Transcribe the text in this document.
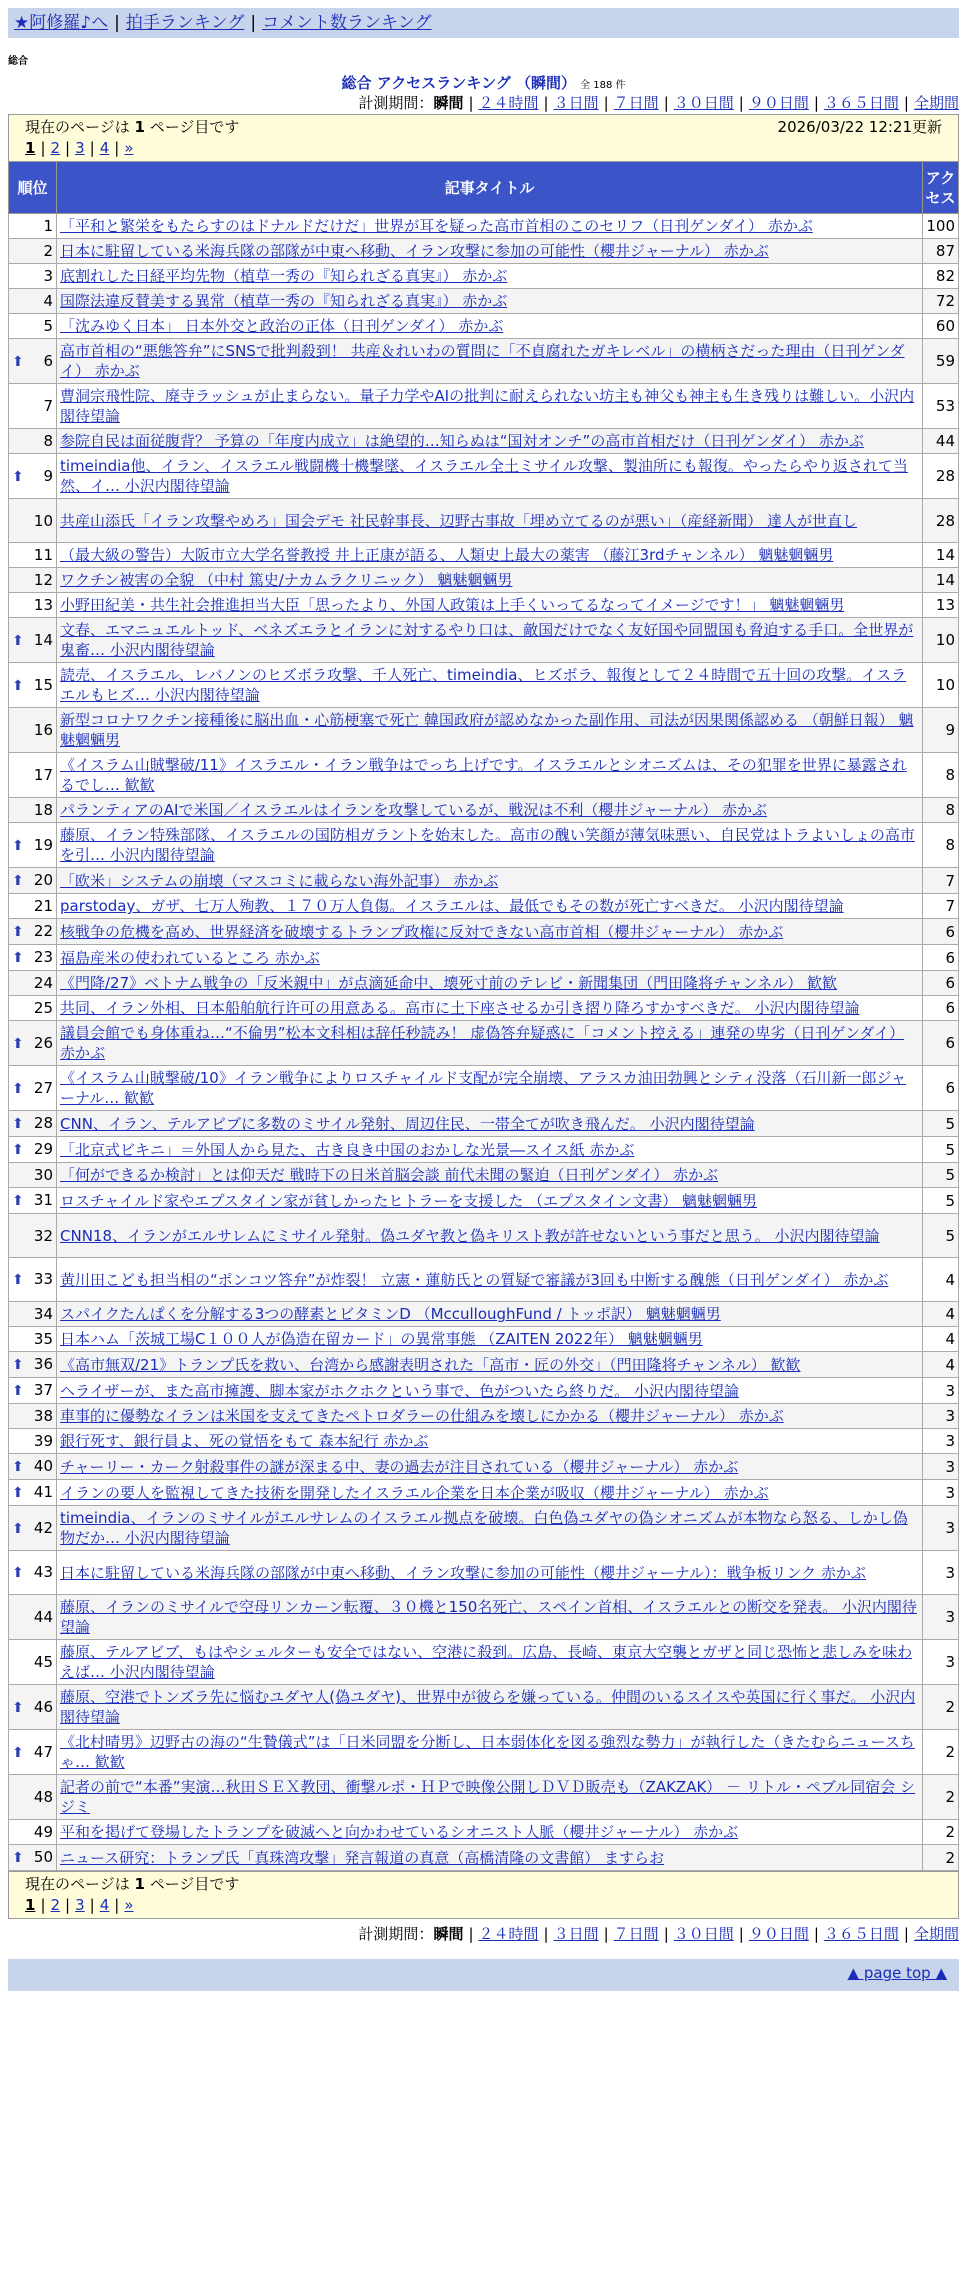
★阿修羅♪へ | 拍手ランキング | コメント数ランキング
総合
総合 アクセスランキング （瞬間） 全 188 件
計測期間：瞬間 | ２４時間 | ３日間 | ７日間 | ３０日間 | ９０日間 | ３６５日間 | 全期間
現在のページは 1 ページ目です	2026/03/22 12:21更新
1 | 2 | 3 | 4 | »
順位	記事タイトル	アクセス
1	「平和と繁栄をもたらすのはドナルドだけだ」世界が耳を疑った高市首相のこのセリフ（日刊ゲンダイ） 赤かぶ	100
2	日本に駐留している米海兵隊の部隊が中東へ移動、イラン攻撃に参加の可能性（櫻井ジャーナル） 赤かぶ	87
3	底割れした日経平均先物（植草一秀の『知られざる真実』） 赤かぶ	82
4	国際法違反賛美する異常（植草一秀の『知られざる真実』） 赤かぶ	72
5	「沈みゆく日本」 日本外交と政治の正体（日刊ゲンダイ） 赤かぶ	60

⬆ 6	高市首相の“悪態答弁”にSNSで批判殺到！ 共産＆れいわの質問に「不貞腐れたガキレベル」の横柄さだった理由（日刊ゲンダイ） 赤かぶ	59
7	曹洞宗飛性院、廃寺ラッシュが止まらない。量子力学やAIの批判に耐えられない坊主も神父も神主も生き残りは難しい。小沢内閣待望論	53
8	参院自民は面従腹背？ 予算の「年度内成立」は絶望的…知らぬは“国対オンチ”の高市首相だけ（日刊ゲンダイ） 赤かぶ	44

⬆ 9	timeindia他、イラン、イスラエル戦闘機十機撃墜、イスラエル全土ミサイル攻撃、製油所にも報復。やったらやり返されて当然、イ… 小沢内閣待望論	28
10	共産山添氏「イラン攻撃やめろ」国会デモ 社民幹事長、辺野古事故「埋め立てるのが悪い」（産経新聞） 達人が世直し	28
11	（最大級の警告）大阪市立大学名誉教授 井上正康が語る、人類史上最大の薬害 （藤江3rdチャンネル） 魑魅魍魎男	14
12	ワクチン被害の全貌 （中村 篤史/ナカムラクリニック） 魑魅魍魎男	14
13	小野田紀美・共生社会推進担当大臣「思ったより、外国人政策は上手くいってるなってイメージです！」 魑魅魍魎男	13

⬆ 14	文春、エマニュエルトッド、ベネズエラとイランに対するやり口は、敵国だけでなく友好国や同盟国も脅迫する手口。全世界が鬼畜… 小沢内閣待望論	10

⬆ 15	読売、イスラエル、レバノンのヒズボラ攻撃、千人死亡、timeindia、ヒズボラ、報復として２４時間で五十回の攻撃。イスラエルもヒズ… 小沢内閣待望論	10
16	新型コロナワクチン接種後に脳出血・心筋梗塞で死亡 韓国政府が認めなかった副作用、司法が因果関係認める （朝鮮日報） 魑魅魍魎男	9
17	《イスラム山賊撃破/11》イスラエル・イラン戦争はでっち上げです。イスラエルとシオニズムは、その犯罪を世界に暴露されるでし… 歓歓	8
18	パランティアのAIで米国／イスラエルはイランを攻撃しているが、戦況は不利（櫻井ジャーナル） 赤かぶ	8

⬆ 19	藤原、イラン特殊部隊、イスラエルの国防相ガラントを始末した。高市の醜い笑顔が薄気味悪い、自民党はトラよいしょの高市を引… 小沢内閣待望論	8

⬆ 20	「欧米」システムの崩壊（マスコミに載らない海外記事） 赤かぶ	7
21	parstoday、ガザ、七万人殉教、１７０万人負傷。イスラエルは、最低でもその数が死亡すべきだ。 小沢内閣待望論	7

⬆ 22	核戦争の危機を高め、世界経済を破壊するトランプ政権に反対できない高市首相（櫻井ジャーナル） 赤かぶ	6

⬆ 23	福島産米の使われているところ 赤かぶ	6
24	《門降/27》ベトナム戦争の「反米親中」が点滴延命中、壊死寸前のテレビ・新聞集団（門田隆将チャンネル） 歓歓	6
25	共同、イラン外相、日本船舶航行许可の用意ある。高市に土下座させるか引き摺り降ろすかすべきだ。 小沢内閣待望論	6

⬆ 26	議員会館でも身体重ね…“不倫男”松本文科相は辞任秒読み！ 虚偽答弁疑惑に「コメント控える」連発の卑劣（日刊ゲンダイ） 赤かぶ	6

⬆ 27	《イスラム山賊撃破/10》イラン戦争によりロスチャイルド支配が完全崩壊、アラスカ油田勃興とシティ没落（石川新一郎ジャーナル… 歓歓	6

⬆ 28	CNN、イラン、テルアビブに多数のミサイル発射、周辺住民、一帯全てが吹き飛んだ。 小沢内閣待望論	5

⬆ 29	「北京式ビキニ」＝外国人から見た、古き良き中国のおかしな光景―スイス紙 赤かぶ	5
30	「何ができるか検討」とは仰天だ 戦時下の日米首脳会談 前代未聞の緊迫（日刊ゲンダイ） 赤かぶ	5

⬆ 31	ロスチャイルド家やエプスタイン家が貧しかったヒトラーを支援した （エプスタイン文書） 魑魅魍魎男	5
32	CNN18、イランがエルサレムにミサイル発射。偽ユダヤ教と偽キリスト教が許せないという事だと思う。 小沢内閣待望論	5

⬆ 33	黄川田こども担当相の“ポンコツ答弁”が炸裂！ 立憲・蓮舫氏との質疑で審議が3回も中断する醜態（日刊ゲンダイ） 赤かぶ	4
34	スパイクたんぱくを分解する3つの酵素とビタミンD （McculloughFund / トッポ訳） 魑魅魍魎男	4
35	日本ハム「茨城工場C１００人が偽造在留カード」の異常事態 （ZAITEN 2022年） 魑魅魍魎男	4

⬆ 36	《高市無双/21》トランプ氏を救い、台湾から感謝表明された「高市・匠の外交」（門田隆将チャンネル） 歓歓	4

⬆ 37	ヘライザーが、また高市擁護、脚本家がホクホクという事で、色がついたら終りだ。 小沢内閣待望論	3
38	車事的に優勢なイランは米国を支えてきたペトロダラーの仕組みを壊しにかかる（櫻井ジャーナル） 赤かぶ	3
39	銀行死す、銀行員よ、死の覚悟をもて 森本紀行 赤かぶ	3

⬆ 40	チャーリー・カーク射殺事件の謎が深まる中、妻の過去が注目されている（櫻井ジャーナル） 赤かぶ	3

⬆ 41	イランの要人を監視してきた技術を開発したイスラエル企業を日本企業が吸収（櫻井ジャーナル） 赤かぶ	3

⬆ 42	timeindia、イランのミサイルがエルサレムのイスラエル拠点を破壊。白色偽ユダヤの偽シオニズムが本物なら怒る、しかし偽物だか… 小沢内閣待望論	3

⬆ 43	日本に駐留している米海兵隊の部隊が中東へ移動、イラン攻撃に参加の可能性（櫻井ジャーナル）：戦争板リンク 赤かぶ	3
44	藤原、イランのミサイルで空母リンカーン転覆、３０機と150名死亡、スペイン首相、イスラエルとの断交を発表。 小沢内閣待望論	3
45	藤原、テルアビブ、もはやシェルターも安全ではない、空港に殺到。広島、長崎、東京大空襲とガザと同じ恐怖と悲しみを味わえば… 小沢内閣待望論	3

⬆ 46	藤原、空港でトンズラ先に悩むユダヤ人(偽ユダヤ)、世界中が彼らを嫌っている。仲間のいるスイスや英国に行く事だ。 小沢内閣待望論	2

⬆ 47	《北村晴男》辺野古の海の“生贄儀式”は「日米同盟を分断し、日本弱体化を図る強烈な勢力」が執行した（きたむらニュースちゃ… 歓歓	2
48	記者の前で“本番”実演…秋田ＳＥＸ教団、衝撃ルポ・ＨＰで映像公開しＤＶＤ販売も（ZAKZAK） － リトル・ペブル同宿会 シジミ	2
49	平和を掲げて登場したトランプを破滅へと向かわせているシオニスト人脈（櫻井ジャーナル） 赤かぶ	2

⬆ 50	ニュース研究：トランプ氏「真珠湾攻撃」発言報道の真意（高橋清隆の文書館） ますらお	2
現在のページは 1 ページ目です
1 | 2 | 3 | 4 | »
計測期間：瞬間 | ２４時間 | ３日間 | ７日間 | ３０日間 | ９０日間 | ３６５日間 | 全期間
▲ page top ▲
